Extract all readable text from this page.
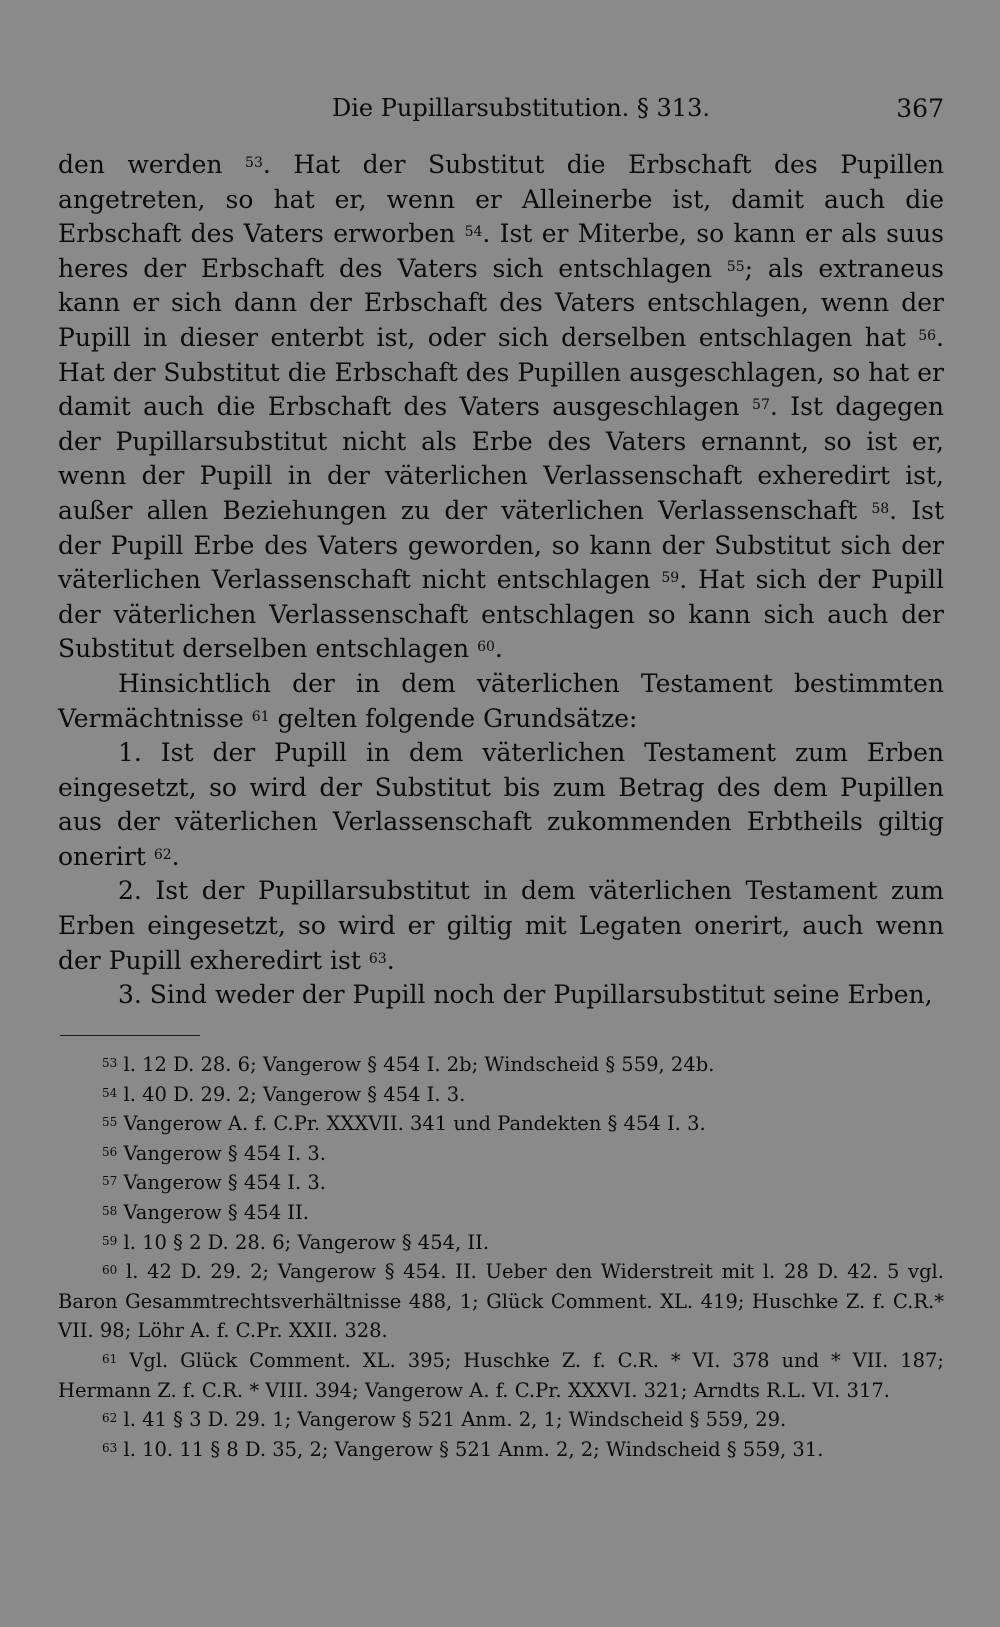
Die Pupillarsubstitution. § 313.	367

den werden $^{53}$. Hat der Substitut die Erbschaft des Pupillen angetreten, so hat er, wenn er Alleinerbe ist, damit auch die Erbschaft des Vaters erworben $^{54}$. Ist er Miterbe, so kann er als suus heres der Erbschaft des Vaters sich entschlagen $^{55}$; als extraneus kann er sich dann der Erbschaft des Vaters entschlagen, wenn der Pupill in dieser enterbt ist, oder sich derselben entschlagen hat $^{56}$. Hat der Substitut die Erbschaft des Pupillen ausgeschlagen, so hat er damit auch die Erbschaft des Vaters ausgeschlagen $^{57}$. Ist dagegen der Pupillarsubstitut nicht als Erbe des Vaters ernannt, so ist er, wenn der Pupill in der väterlichen Verlassenschaft exheredirt ist, außer allen Beziehungen zu der väterlichen Verlassenschaft $^{58}$. Ist der Pupill Erbe des Vaters geworden, so kann der Substitut sich der väterlichen Verlassenschaft nicht entschlagen $^{59}$. Hat sich der Pupill der väterlichen Verlassenschaft entschlagen so kann sich auch der Substitut derselben entschlagen $^{60}$.

Hinsichtlich der in dem väterlichen Testament bestimmten Vermächtnisse $^{61}$ gelten folgende Grundsätze:

1. Ist der Pupill in dem väterlichen Testament zum Erben eingesetzt, so wird der Substitut bis zum Betrag des dem Pupillen aus der väterlichen Verlassenschaft zukommenden Erbtheils giltig onerirt $^{62}$.

2. Ist der Pupillarsubstitut in dem väterlichen Testament zum Erben eingesetzt, so wird er giltig mit Legaten onerirt, auch wenn der Pupill exheredirt ist $^{63}$.

3. Sind weder der Pupill noch der Pupillarsubstitut seine Erben,

$^{53}$ l. 12 D. 28. 6; Vangerow § 454 I. 2b; Windscheid § 559, 24b.

$^{54}$ l. 40 D. 29. 2; Vangerow § 454 I. 3.

$^{55}$ Vangerow A. f. C.Pr. XXXVII. 341 und Pandekten § 454 I. 3.

$^{56}$ Vangerow § 454 I. 3.

$^{57}$ Vangerow § 454 I. 3.

$^{58}$ Vangerow § 454 II.

$^{59}$ l. 10 § 2 D. 28. 6; Vangerow § 454, II.

$^{60}$ l. 42 D. 29. 2; Vangerow § 454. II. Ueber den Widerstreit mit l. 28 D. 42. 5 vgl. Baron Gesammtrechtsverhältnisse 488, 1; Glück Comment. XL. 419; Huschke Z. f. C.R.* VII. 98; Löhr A. f. C.Pr. XXII. 328.

$^{61}$ Vgl. Glück Comment. XL. 395; Huschke Z. f. C.R. * VI. 378 und * VII. 187; Hermann Z. f. C.R. * VIII. 394; Vangerow A. f. C.Pr. XXXVI. 321; Arndts R.L. VI. 317.

$^{62}$ l. 41 § 3 D. 29. 1; Vangerow § 521 Anm. 2, 1; Windscheid § 559, 29.

$^{63}$ l. 10. 11 § 8 D. 35, 2; Vangerow § 521 Anm. 2, 2; Windscheid § 559, 31.
